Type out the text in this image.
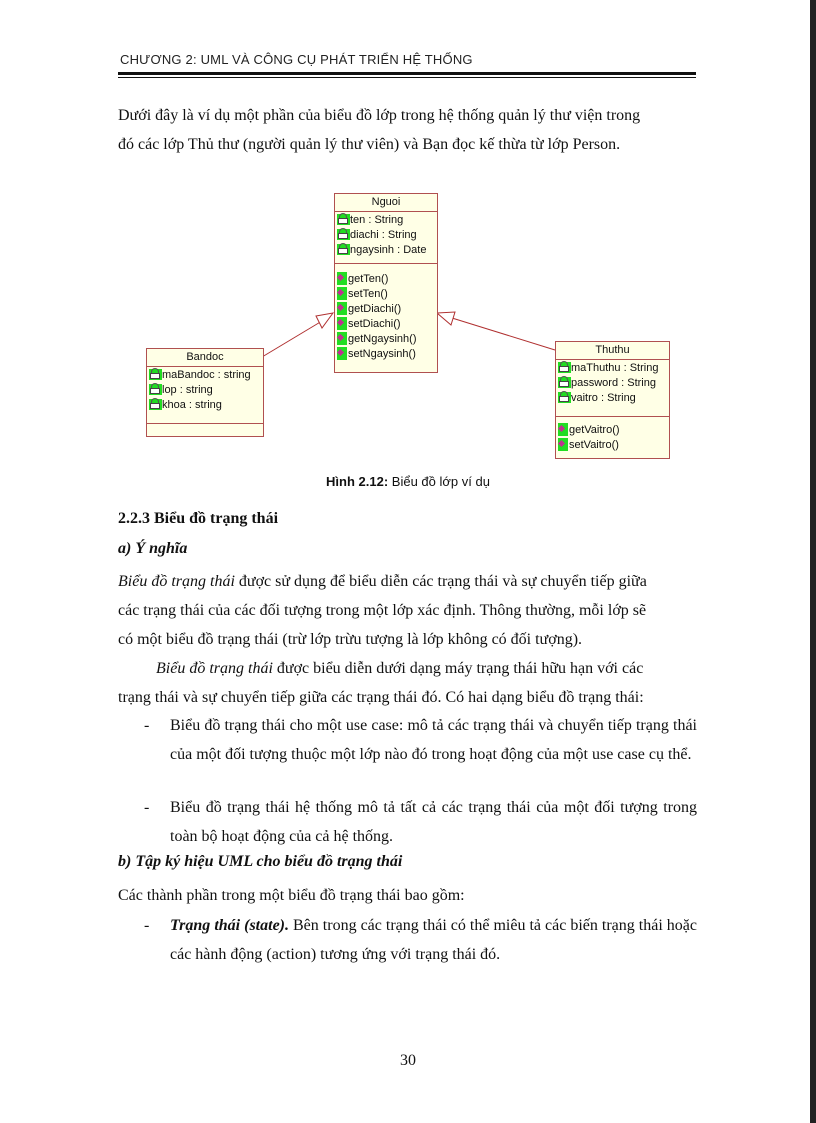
CHƯƠNG 2: UML VÀ CÔNG CỤ PHÁT TRIỂN HỆ THỐNG
Dưới đây là ví dụ một phần của biểu đồ lớp trong hệ thống quản lý thư viện trong
đó các lớp Thủ thư (người quản lý thư viên) và Bạn đọc kế thừa từ lớp Person.
Nguoi
ten : String
diachi : String
ngaysinh : Date
getTen()
setTen()
getDiachi()
setDiachi()
getNgaysinh()
setNgaysinh()
Bandoc
maBandoc : string
lop : string
khoa : string
Thuthu
maThuthu : String
password : String
vaitro : String
getVaitro()
setVaitro()
Hình 2.12: Biểu đồ lớp ví dụ
2.2.3 Biểu đồ trạng thái
a) Ý nghĩa
Biểu đồ trạng thái được sử dụng để biểu diễn các trạng thái và sự chuyển tiếp giữa
các trạng thái của các đối tượng trong một lớp xác định. Thông thường, mỗi lớp sẽ
có một biểu đồ trạng thái (trừ lớp trừu tượng là lớp không có đối tượng).
Biểu đồ trạng thái được biểu diễn dưới dạng máy trạng thái hữu hạn với các
trạng thái và sự chuyển tiếp giữa các trạng thái đó. Có hai dạng biểu đồ trạng thái:
- Biểu đồ trạng thái cho một use case: mô tả các trạng thái và chuyển tiếp trạng thái của một đối tượng thuộc một lớp nào đó trong hoạt động của một use case cụ thể.
- Biểu đồ trạng thái hệ thống mô tả tất cả các trạng thái của một đối tượng trong toàn bộ hoạt động của cả hệ thống.
b) Tập ký hiệu UML cho biểu đồ trạng thái
Các thành phần trong một biểu đồ trạng thái bao gồm:
- Trạng thái (state). Bên trong các trạng thái có thể miêu tả các biến trạng thái hoặc các hành động (action) tương ứng với trạng thái đó.
30
